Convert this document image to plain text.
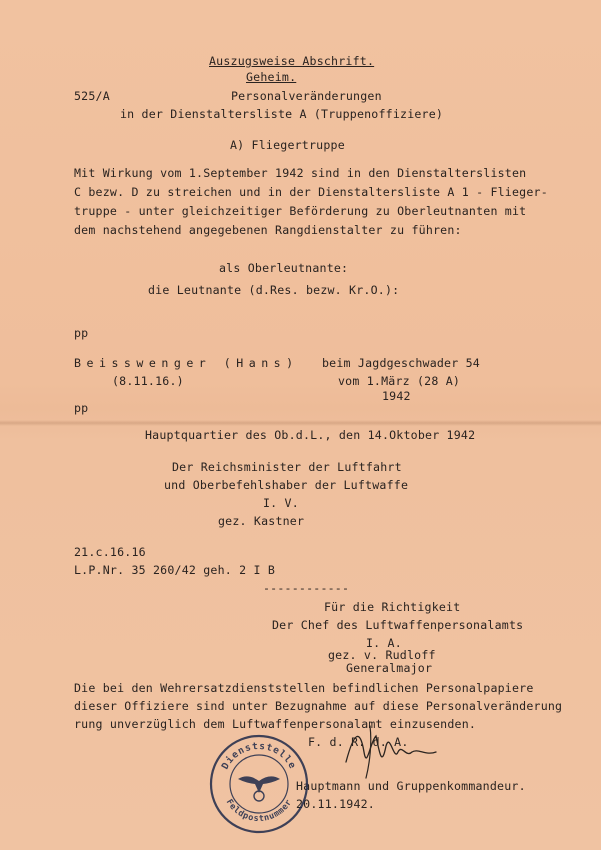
Auszugsweise Abschrift.
Geheim.
525/A	Personalveränderungen
in der Dienstaltersliste A (Truppenoffiziere)
A) Fliegertruppe
Mit Wirkung vom 1.September 1942 sind in den Dienstalterslisten
C bezw. D zu streichen und in der Dienstaltersliste A 1 - Flieger-
truppe - unter gleichzeitiger Beförderung zu Oberleutnanten mit
dem nachstehend angegebenen Rangdienstalter zu führen:
als Oberleutnante:
die Leutnante (d.Res. bezw. Kr.O.):
pp
Beisswenger (Hans) beim Jagdgeschwader 54
(8.11.16.)	vom 1.März (28 A)
1942
pp
Hauptquartier des Ob.d.L., den 14.Oktober 1942
Der Reichsminister der Luftfahrt
und Oberbefehlshaber der Luftwaffe
I. V.
gez. Kastner
21.c.16.16
L.P.Nr. 35 260/42 geh. 2 I B
------------
Für die Richtigkeit
Der Chef des Luftwaffenpersonalamts
I. A.
gez. v. Rudloff
Generalmajor
Die bei den Wehrersatzdienststellen befindlichen Personalpapiere
dieser Offiziere sind unter Bezugnahme auf diese Personalveränderung
rung unverzüglich dem Luftwaffenpersonalamt einzusenden.
F. d. R. d. A.
Hauptmann und Gruppenkommandeur.
20.11.1942.
Dienststelle
Feldpostnummer
